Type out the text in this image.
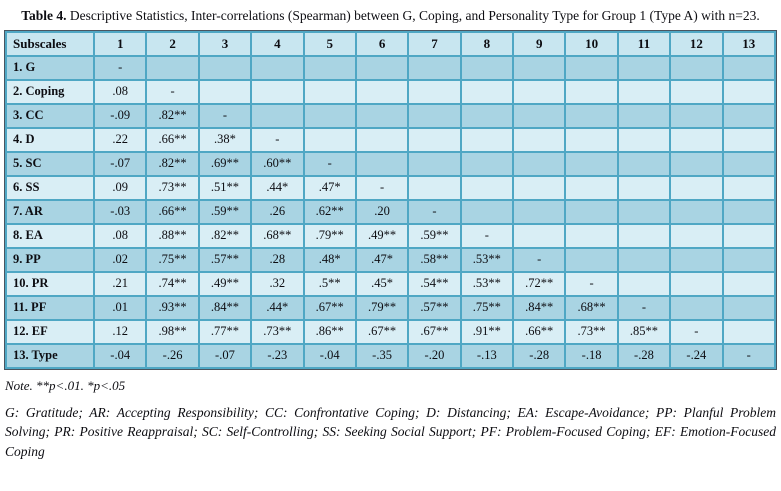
Table 4. Descriptive Statistics, Inter-correlations (Spearman) between G, Coping, and Personality Type for Group 1 (Type A) with n=23.
Subscales	1	2	3	4	5	6	7	8	9	10	11	12	13
1. G	-												
2. Coping	.08	-											
3. CC	-.09	.82**	-										
4. D	.22	.66**	.38*	-									
5. SC	-.07	.82**	.69**	.60**	-								
6. SS	.09	.73**	.51**	.44*	.47*	-							
7. AR	-.03	.66**	.59**	.26	.62**	.20	-						
8. EA	.08	.88**	.82**	.68**	.79**	.49**	.59**	-					
9. PP	.02	.75**	.57**	.28	.48*	.47*	.58**	.53**	-				
10. PR	.21	.74**	.49**	.32	.5**	.45*	.54**	.53**	.72**	-			
11. PF	.01	.93**	.84**	.44*	.67**	.79**	.57**	.75**	.84**	.68**	-		
12. EF	.12	.98**	.77**	.73**	.86**	.67**	.67**	.91**	.66**	.73**	.85**	-	
13. Type	-.04	-.26	-.07	-.23	-.04	-.35	-.20	-.13	-.28	-.18	-.28	-.24	-
Note. **p<.01. *p<.05
G: Gratitude; AR: Accepting Responsibility; CC: Confrontative Coping; D: Distancing; EA: Escape-Avoidance; PP: Planful Problem Solving; PR: Positive Reappraisal; SC: Self-Controlling; SS: Seeking Social Support; PF: Problem-Focused Coping; EF: Emotion-Focused Coping
